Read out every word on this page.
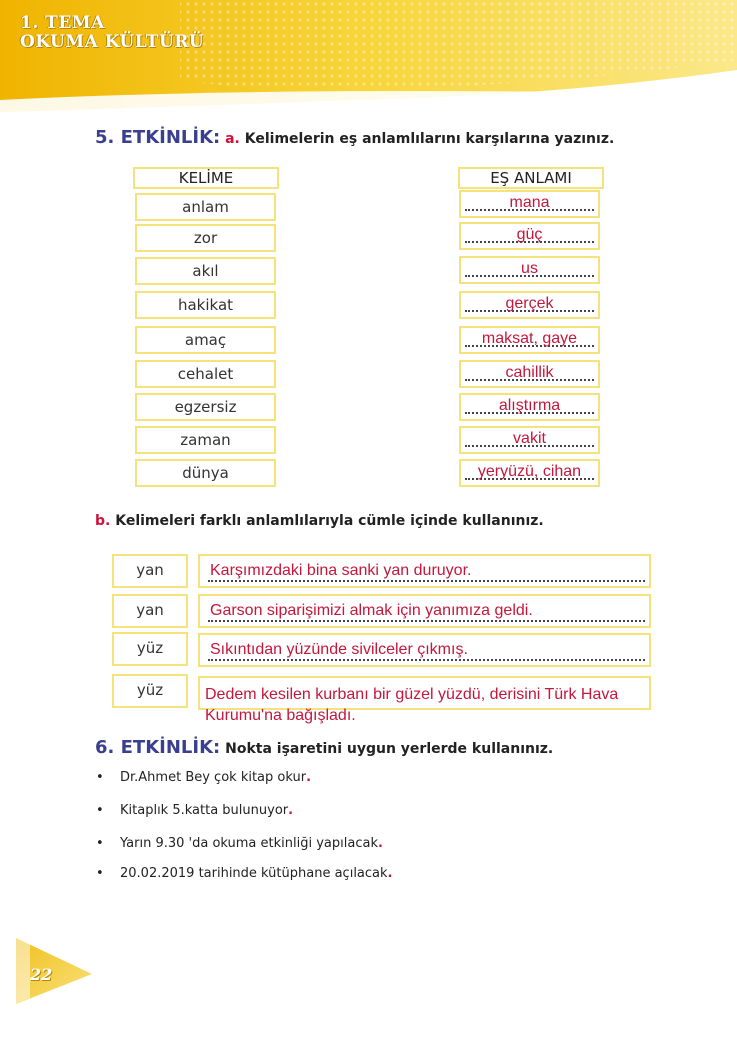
1. TEMA
OKUMA KÜLTÜRÜ
5. ETKİNLİK: a. Kelimelerin eş anlamlılarını karşılarına yazınız.
KELİME	EŞ ANLAMI
anlam	mana
zor	güç
akıl	us
hakikat	gerçek
amaç	maksat, gaye
cehalet	cahillik
egzersiz	alıştırma
zaman	vakit
dünya	yeryüzü, cihan
b. Kelimeleri farklı anlamlılarıyla cümle içinde kullanınız.
yan	Karşımızdaki bina sanki yan duruyor.
yan	Garson siparişimizi almak için yanımıza geldi.
yüz	Sıkıntıdan yüzünde sivilceler çıkmış.
yüz	Dedem kesilen kurbanı bir güzel yüzdü, derisini Türk Hava
Kurumu'na bağışladı.
6. ETKİNLİK: Nokta işaretini uygun yerlerde kullanınız.
• Dr.Ahmet Bey çok kitap okur.
• Kitaplık 5.katta bulunuyor.
• Yarın 9.30 'da okuma etkinliği yapılacak.
• 20.02.2019 tarihinde kütüphane açılacak.
22
